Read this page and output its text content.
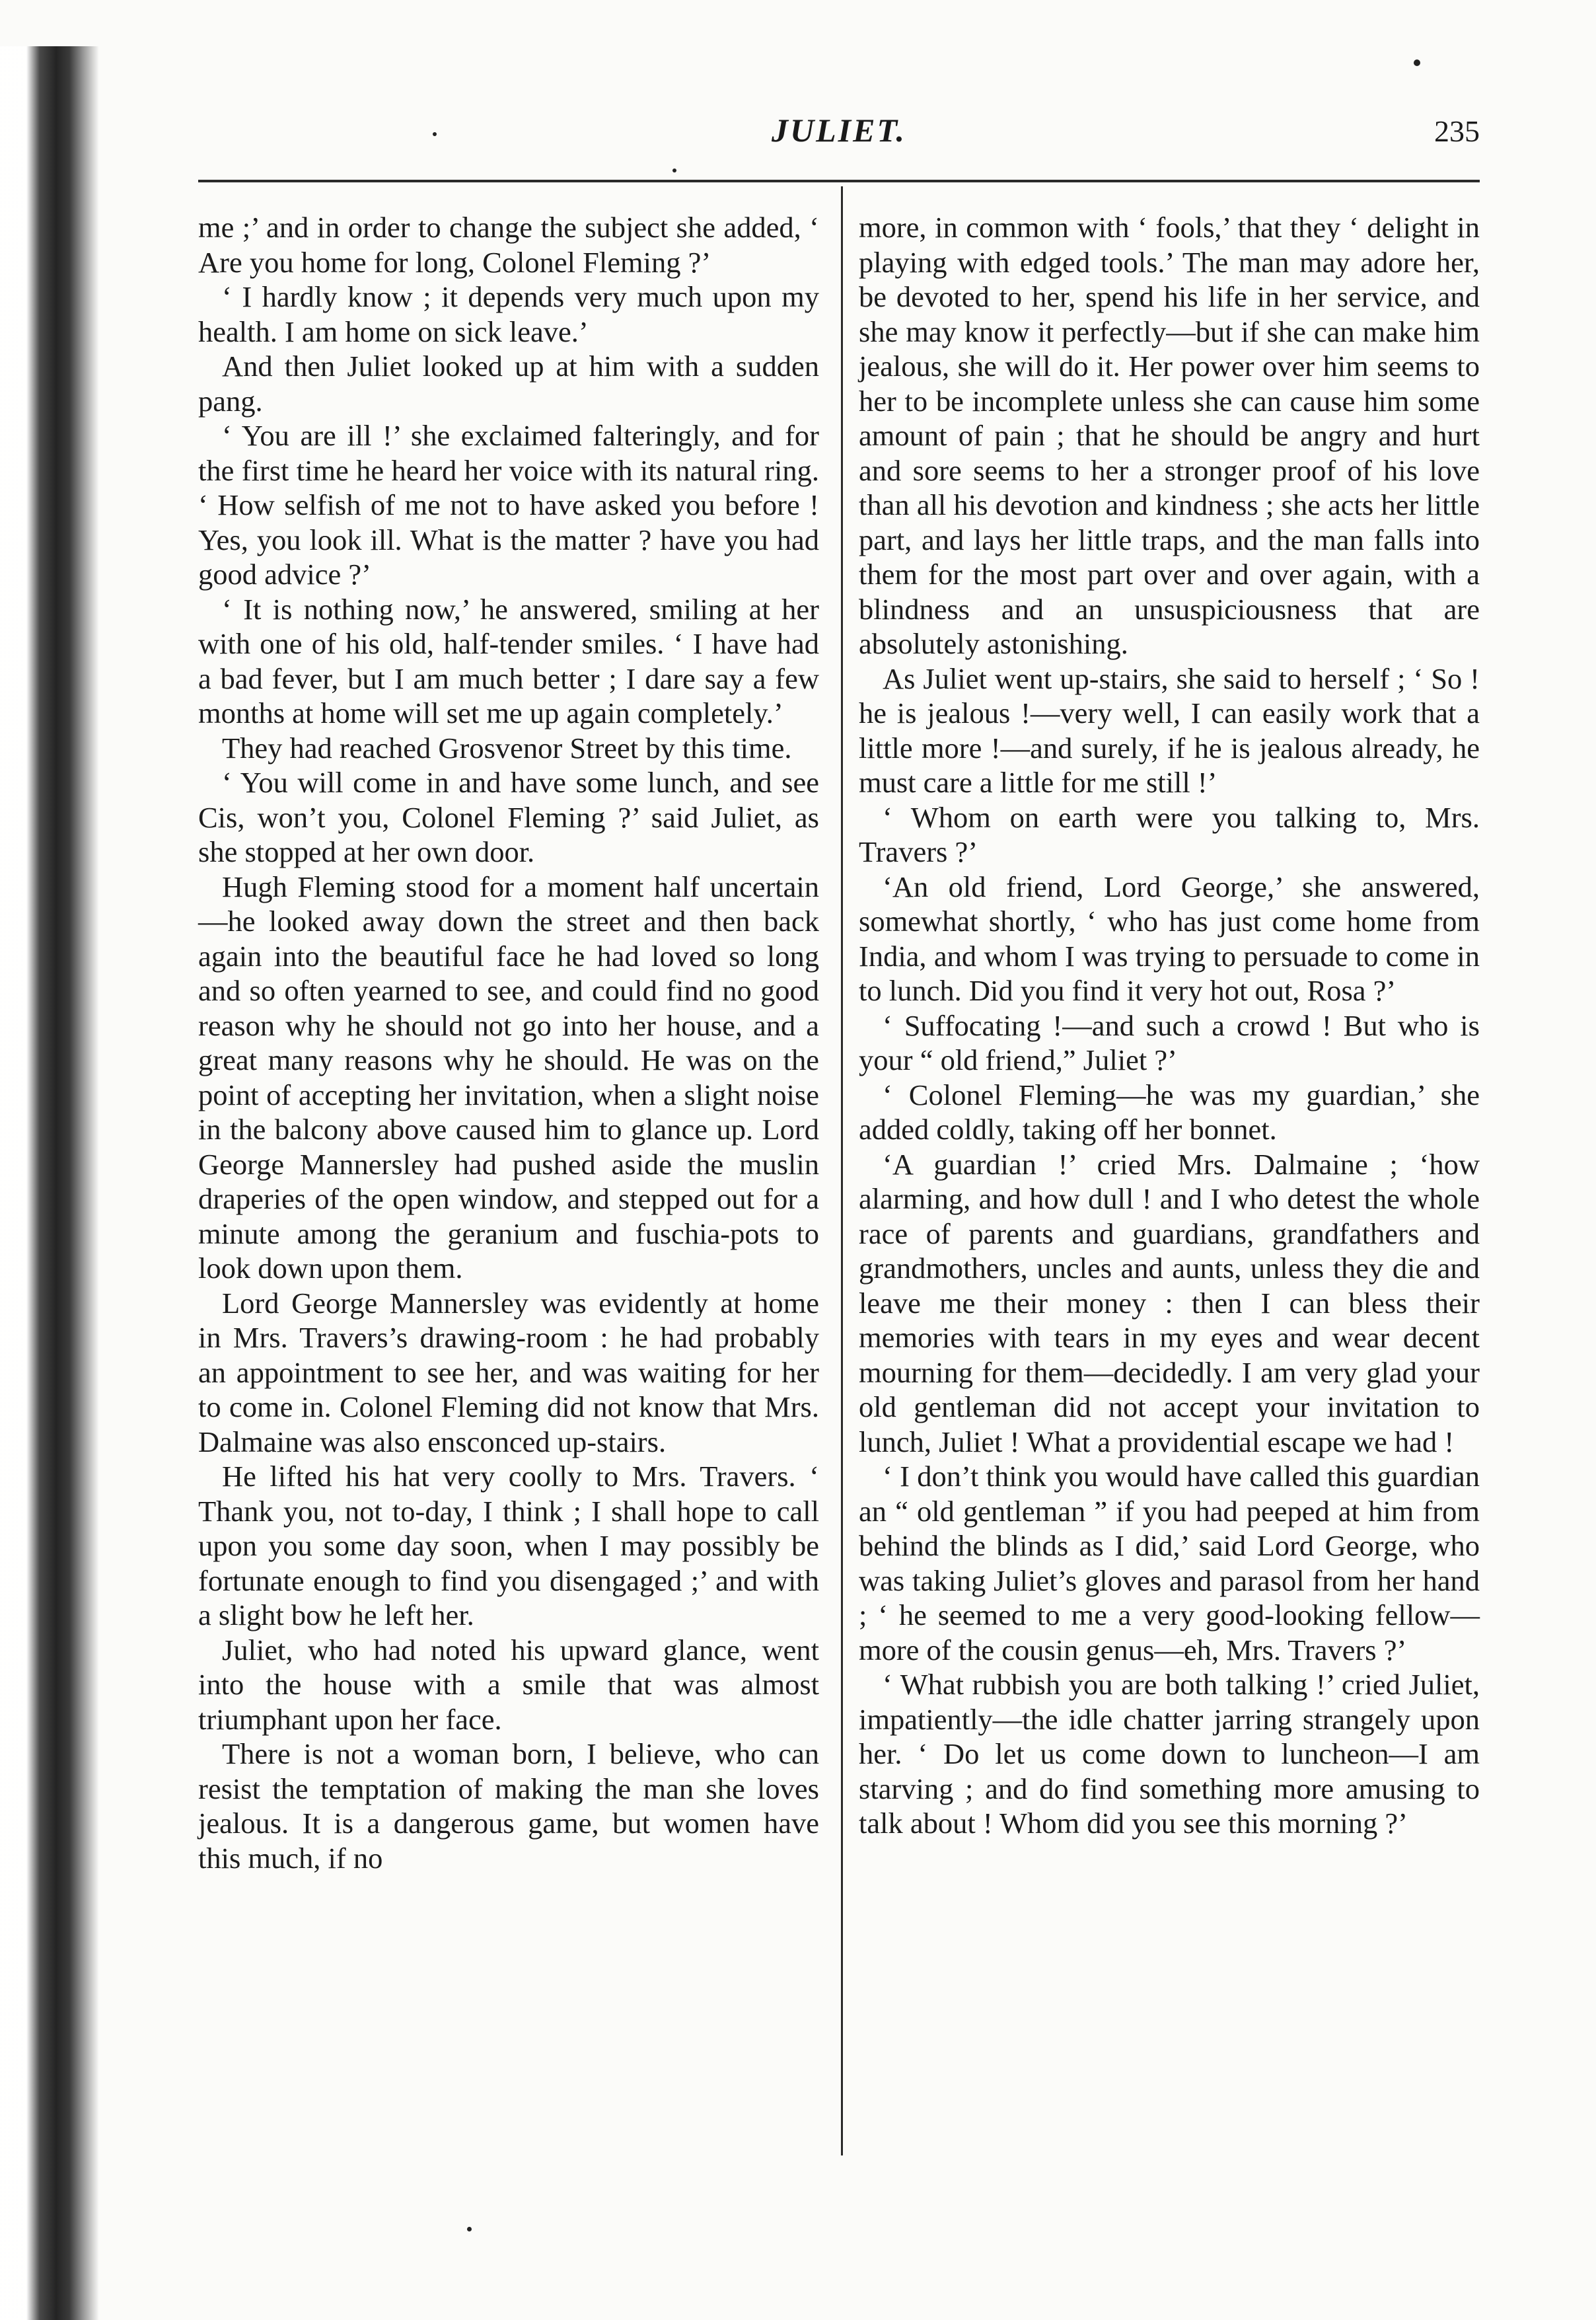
JULIET.	235

me ;’ and in order to change the subject she added, ‘ Are you home for long, Colonel Fleming ?’

‘ I hardly know ; it depends very much upon my health. I am home on sick leave.’

And then Juliet looked up at him with a sudden pang.

‘ You are ill !’ she exclaimed falteringly, and for the first time he heard her voice with its natural ring. ‘ How selfish of me not to have asked you before ! Yes, you look ill. What is the matter ? have you had good advice ?’

‘ It is nothing now,’ he answered, smiling at her with one of his old, half-tender smiles. ‘ I have had a bad fever, but I am much better ; I dare say a few months at home will set me up again completely.’

They had reached Grosvenor Street by this time.

‘ You will come in and have some lunch, and see Cis, won’t you, Colonel Fleming ?’ said Juliet, as she stopped at her own door.

Hugh Fleming stood for a moment half uncertain—he looked away down the street and then back again into the beautiful face he had loved so long and so often yearned to see, and could find no good reason why he should not go into her house, and a great many reasons why he should. He was on the point of accepting her invitation, when a slight noise in the balcony above caused him to glance up. Lord George Mannersley had pushed aside the muslin draperies of the open window, and stepped out for a minute among the geranium and fuschia-pots to look down upon them.

Lord George Mannersley was evidently at home in Mrs. Travers’s drawing-room : he had probably an appointment to see her, and was waiting for her to come in. Colonel Fleming did not know that Mrs. Dalmaine was also ensconced up-stairs.

He lifted his hat very coolly to Mrs. Travers. ‘ Thank you, not to-day, I think ; I shall hope to call upon you some day soon, when I may possibly be fortunate enough to find you disengaged ;’ and with a slight bow he left her.

Juliet, who had noted his upward glance, went into the house with a smile that was almost triumphant upon her face.

There is not a woman born, I believe, who can resist the temptation of making the man she loves jealous. It is a dangerous game, but women have this much, if no

more, in common with ‘ fools,’ that they ‘ delight in playing with edged tools.’ The man may adore her, be devoted to her, spend his life in her service, and she may know it perfectly—but if she can make him jealous, she will do it. Her power over him seems to her to be incomplete unless she can cause him some amount of pain ; that he should be angry and hurt and sore seems to her a stronger proof of his love than all his devotion and kindness ; she acts her little part, and lays her little traps, and the man falls into them for the most part over and over again, with a blindness and an unsuspiciousness that are absolutely astonishing.

As Juliet went up-stairs, she said to herself ; ‘ So ! he is jealous !—very well, I can easily work that a little more !—and surely, if he is jealous already, he must care a little for me still !’

‘ Whom on earth were you talking to, Mrs. Travers ?’

‘An old friend, Lord George,’ she answered, somewhat shortly, ‘ who has just come home from India, and whom I was trying to persuade to come in to lunch. Did you find it very hot out, Rosa ?’

‘ Suffocating !—and such a crowd ! But who is your “ old friend,” Juliet ?’

‘ Colonel Fleming—he was my guardian,’ she added coldly, taking off her bonnet.

‘A guardian !’ cried Mrs. Dalmaine ; ‘how alarming, and how dull ! and I who detest the whole race of parents and guardians, grandfathers and grandmothers, uncles and aunts, unless they die and leave me their money : then I can bless their memories with tears in my eyes and wear decent mourning for them—decidedly. I am very glad your old gentleman did not accept your invitation to lunch, Juliet ! What a providential escape we had !

‘ I don’t think you would have called this guardian an “ old gentleman ” if you had peeped at him from behind the blinds as I did,’ said Lord George, who was taking Juliet’s gloves and parasol from her hand ; ‘ he seemed to me a very good-looking fellow—more of the cousin genus—eh, Mrs. Travers ?’

‘ What rubbish you are both talking !’ cried Juliet, impatiently—the idle chatter jarring strangely upon her. ‘ Do let us come down to luncheon—I am starving ; and do find something more amusing to talk about ! Whom did you see this morning ?’
